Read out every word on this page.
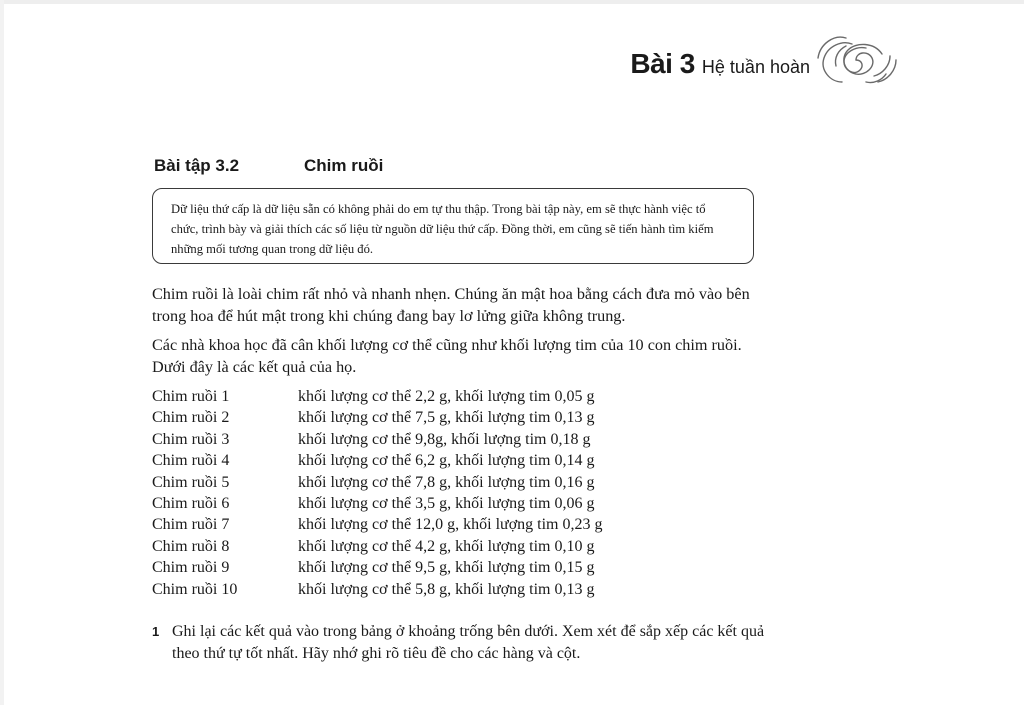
Bài 3 Hệ tuần hoàn
Bài tập 3.2	Chim ruồi
Dữ liệu thứ cấp là dữ liệu sẵn có không phải do em tự thu thập. Trong bài tập này, em sẽ thực hành việc tổ chức, trình bày và giải thích các số liệu từ nguồn dữ liệu thứ cấp. Đồng thời, em cũng sẽ tiến hành tìm kiếm những mối tương quan trong dữ liệu đó.
Chim ruồi là loài chim rất nhỏ và nhanh nhẹn. Chúng ăn mật hoa bằng cách đưa mỏ vào bên trong hoa để hút mật trong khi chúng đang bay lơ lửng giữa không trung.
Các nhà khoa học đã cân khối lượng cơ thể cũng như khối lượng tim của 10 con chim ruồi. Dưới đây là các kết quả của họ.
Chim ruồi 1	khối lượng cơ thể 2,2 g, khối lượng tim 0,05 g
Chim ruồi 2	khối lượng cơ thể 7,5 g, khối lượng tim 0,13 g
Chim ruồi 3	khối lượng cơ thể 9,8g, khối lượng tim 0,18 g
Chim ruồi 4	khối lượng cơ thể 6,2 g, khối lượng tim 0,14 g
Chim ruồi 5	khối lượng cơ thể 7,8 g, khối lượng tim 0,16 g
Chim ruồi 6	khối lượng cơ thể 3,5 g, khối lượng tim 0,06 g
Chim ruồi 7	khối lượng cơ thể 12,0 g, khối lượng tim 0,23 g
Chim ruồi 8	khối lượng cơ thể 4,2 g, khối lượng tim 0,10 g
Chim ruồi 9	khối lượng cơ thể 9,5 g, khối lượng tim 0,15 g
Chim ruồi 10	khối lượng cơ thể 5,8 g, khối lượng tim 0,13 g
1 Ghi lại các kết quả vào trong bảng ở khoảng trống bên dưới. Xem xét để sắp xếp các kết quả theo thứ tự tốt nhất. Hãy nhớ ghi rõ tiêu đề cho các hàng và cột.
